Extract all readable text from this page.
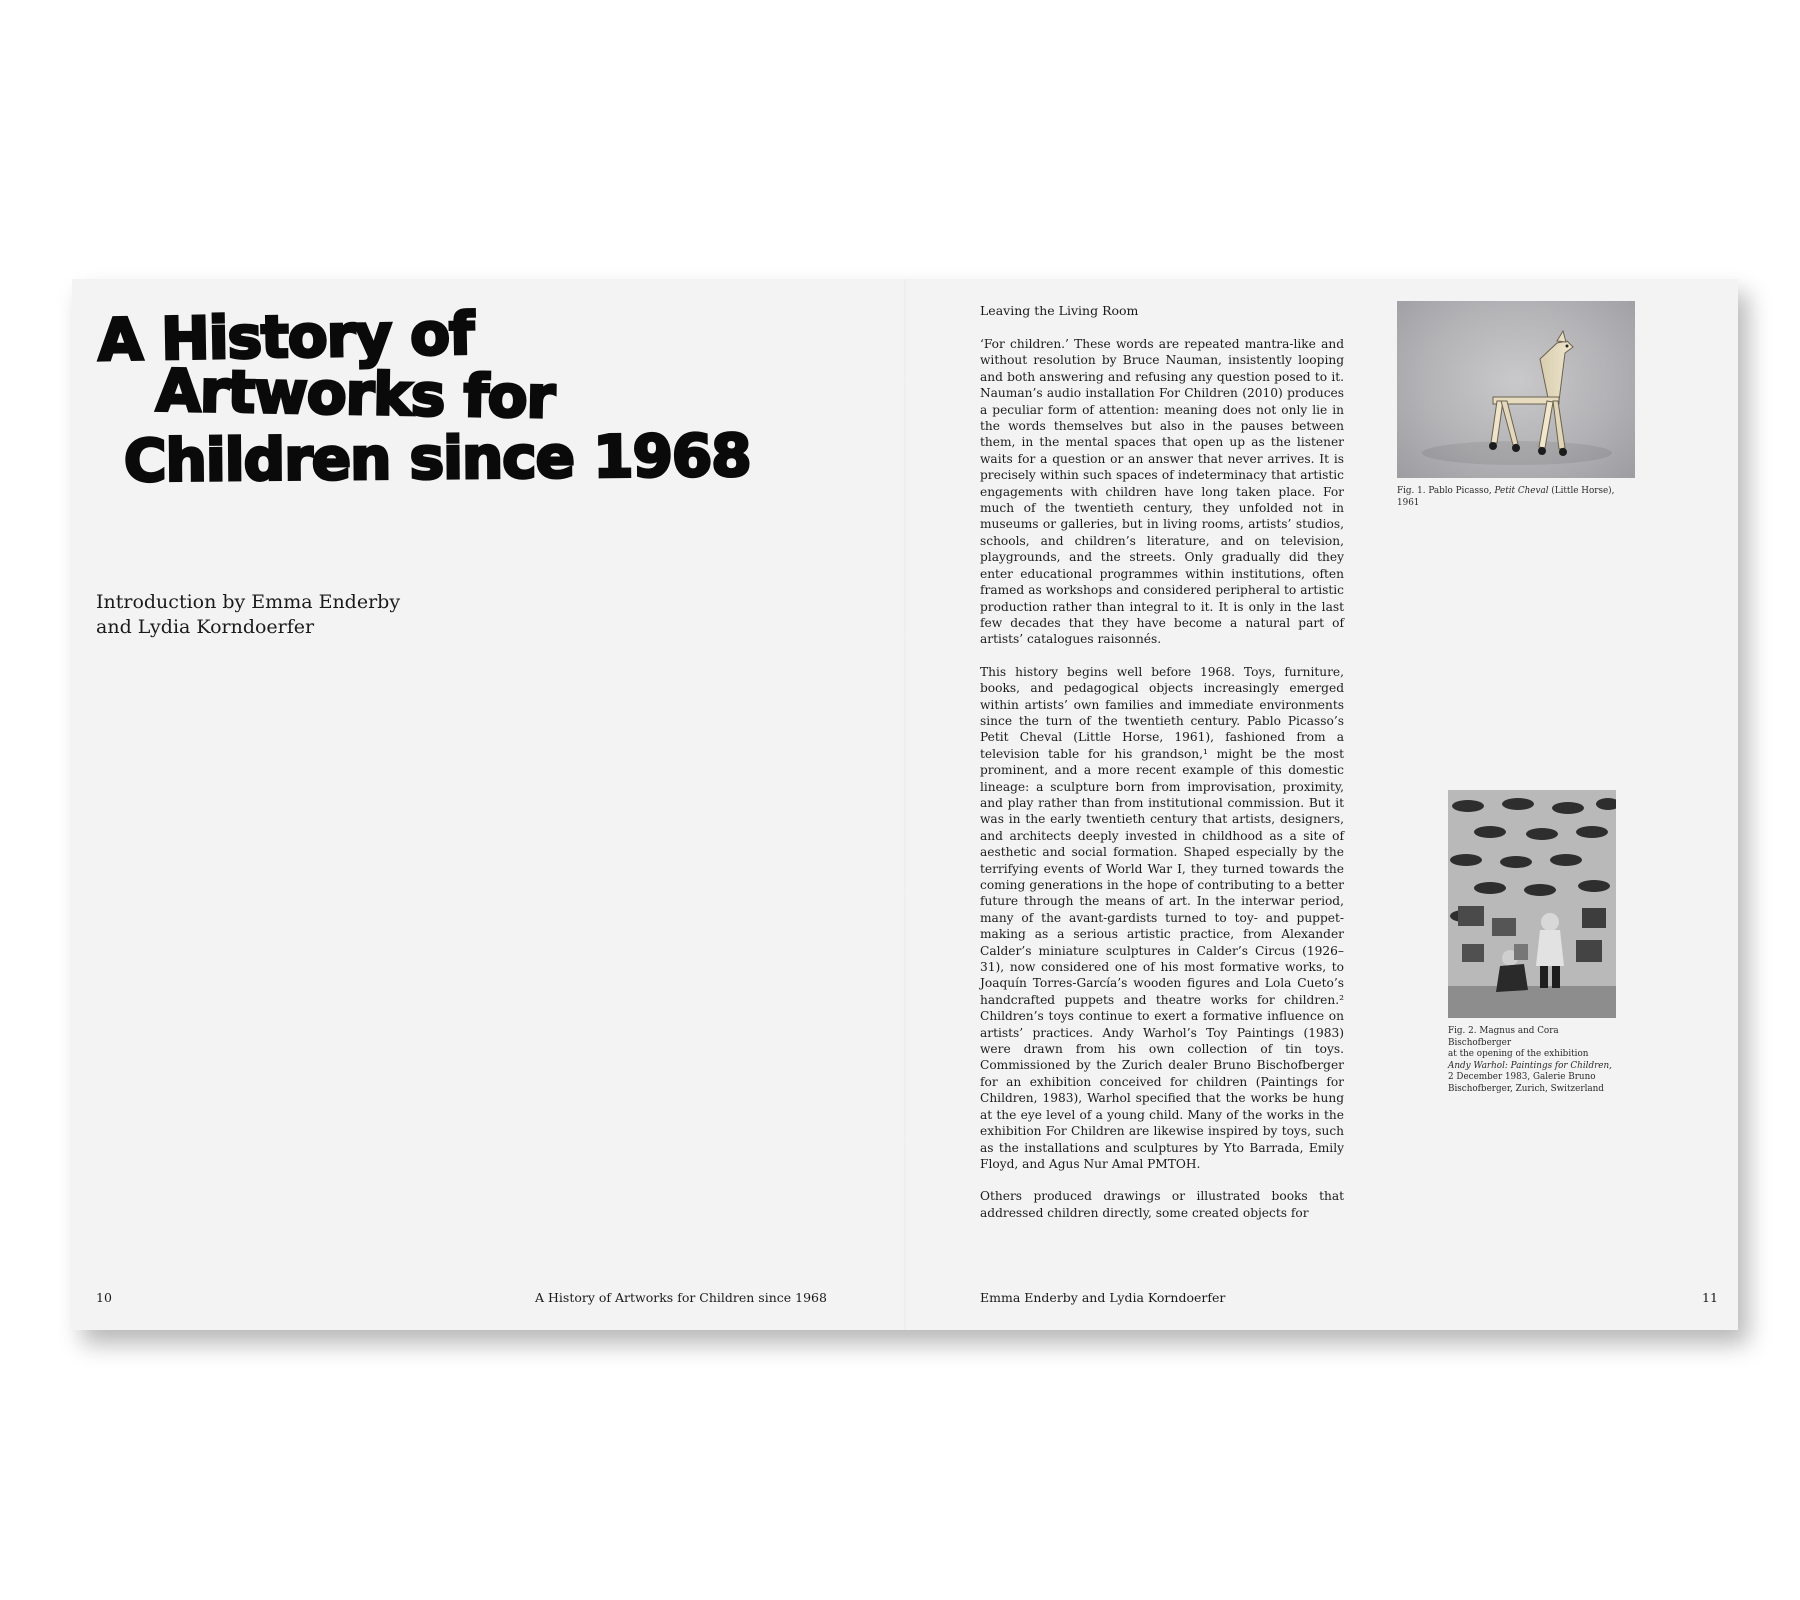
A History of
Artworks for
Children since 1968
Introduction by Emma Enderby
and Lydia Korndoerfer
10	A History of Artworks for Children since 1968
Leaving the Living Room

‘For children.’ These words are repeated mantra-like and without resolution by Bruce Nauman, insistently looping and both answering and refusing any question posed to it. Nauman’s audio installation For Children (2010) produces a peculiar form of attention: meaning does not only lie in the words themselves but also in the pauses between them, in the mental spaces that open up as the listener waits for a question or an answer that never arrives. It is precisely within such spaces of indeterminacy that artistic engagements with children have long taken place. For much of the twentieth century, they unfolded not in museums or galleries, but in living rooms, artists’ studios, schools, and children’s literature, and on television, playgrounds, and the streets. Only gradually did they enter educational programmes within institutions, often framed as workshops and considered peripheral to artistic production rather than integral to it. It is only in the last few decades that they have become a natural part of artists’ catalogues raisonnés.

This history begins well before 1968. Toys, furniture, books, and pedagogical objects increasingly emerged within artists’ own families and immediate environments since the turn of the twentieth century. Pablo Picasso’s Petit Cheval (Little Horse, 1961), fashioned from a television table for his grandson,¹ might be the most prominent, and a more recent example of this domestic lineage: a sculpture born from improvisation, proximity, and play rather than from institutional commission. But it was in the early twentieth century that artists, designers, and architects deeply invested in childhood as a site of aesthetic and social formation. Shaped especially by the terrifying events of World War I, they turned towards the coming generations in the hope of contributing to a better future through the means of art. In the interwar period, many of the avant-gardists turned to toy- and puppet-making as a serious artistic practice, from Alexander Calder’s miniature sculptures in Calder’s Circus (1926–31), now considered one of his most formative works, to Joaquín Torres-García’s wooden figures and Lola Cueto’s handcrafted puppets and theatre works for children.² Children’s toys continue to exert a formative influence on artists’ practices. Andy Warhol’s Toy Paintings (1983) were drawn from his own collection of tin toys. Commissioned by the Zurich dealer Bruno Bischofberger for an exhibition conceived for children (Paintings for Children, 1983), Warhol specified that the works be hung at the eye level of a young child. Many of the works in the exhibition For Children are likewise inspired by toys, such as the installations and sculptures by Yto Barrada, Emily Floyd, and Agus Nur Amal PMTOH.

Others produced drawings or illustrated books that addressed children directly, some created objects for

Fig. 1. Pablo Picasso, Petit Cheval (Little Horse), 1961
Fig. 2. Magnus and Cora Bischofberger
at the opening of the exhibition
Andy Warhol: Paintings for Children,
2 December 1983, Galerie Bruno
Bischofberger, Zurich, Switzerland
Emma Enderby and Lydia Korndoerfer	11
